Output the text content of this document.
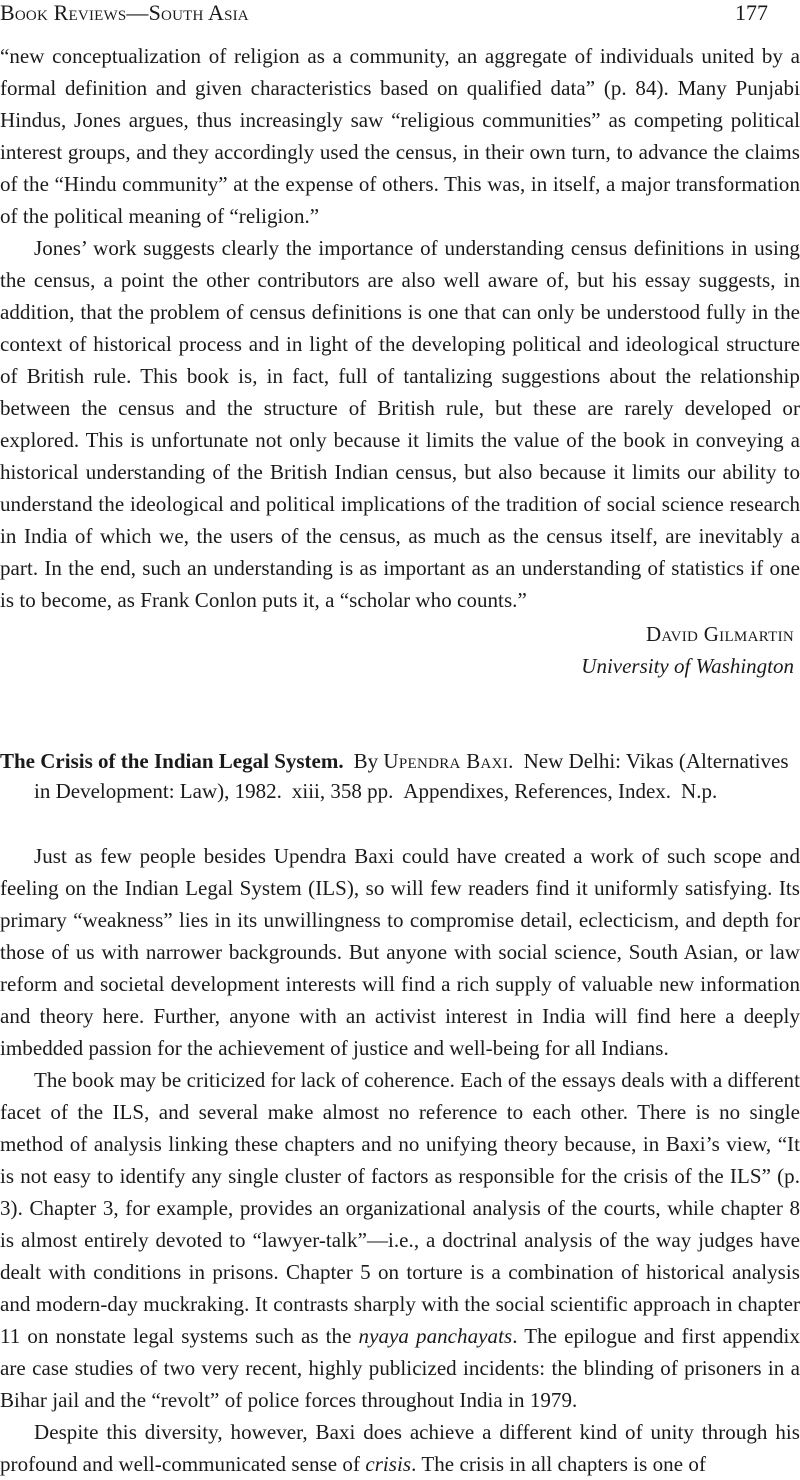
Book Reviews—South Asia	177

“new conceptualization of religion as a community, an aggregate of individuals united by a formal definition and given characteristics based on qualified data” (p. 84). Many Punjabi Hindus, Jones argues, thus increasingly saw “religious communities” as competing political interest groups, and they accordingly used the census, in their own turn, to advance the claims of the “Hindu community” at the expense of others. This was, in itself, a major transformation of the political meaning of “religion.”

Jones’ work suggests clearly the importance of understanding census definitions in using the census, a point the other contributors are also well aware of, but his essay suggests, in addition, that the problem of census definitions is one that can only be understood fully in the context of historical process and in light of the developing political and ideological structure of British rule. This book is, in fact, full of tantalizing suggestions about the relationship between the census and the structure of British rule, but these are rarely developed or explored. This is unfortunate not only because it limits the value of the book in conveying a historical understanding of the British Indian census, but also because it limits our ability to understand the ideological and political implications of the tradition of social science research in India of which we, the users of the census, as much as the census itself, are inevitably a part. In the end, such an understanding is as important as an understanding of statistics if one is to become, as Frank Conlon puts it, a “scholar who counts.”

David Gilmartin
University of Washington
The Crisis of the Indian Legal System. By Upendra Baxi. New Delhi: Vikas (Alternatives in Development: Law), 1982. xiii, 358 pp. Appendixes, References, Index. N.p.

Just as few people besides Upendra Baxi could have created a work of such scope and feeling on the Indian Legal System (ILS), so will few readers find it uniformly satisfying. Its primary “weakness” lies in its unwillingness to compromise detail, eclecticism, and depth for those of us with narrower backgrounds. But anyone with social science, South Asian, or law reform and societal development interests will find a rich supply of valuable new information and theory here. Further, anyone with an activist interest in India will find here a deeply imbedded passion for the achievement of justice and well-being for all Indians.

The book may be criticized for lack of coherence. Each of the essays deals with a different facet of the ILS, and several make almost no reference to each other. There is no single method of analysis linking these chapters and no unifying theory because, in Baxi’s view, “It is not easy to identify any single cluster of factors as responsible for the crisis of the ILS” (p. 3). Chapter 3, for example, provides an organizational analysis of the courts, while chapter 8 is almost entirely devoted to “lawyer-talk”—i.e., a doctrinal analysis of the way judges have dealt with conditions in prisons. Chapter 5 on torture is a combination of historical analysis and modern-day muckraking. It contrasts sharply with the social scientific approach in chapter 11 on nonstate legal systems such as the nyaya panchayats. The epilogue and first appendix are case studies of two very recent, highly publicized incidents: the blinding of prisoners in a Bihar jail and the “revolt” of police forces throughout India in 1979.

Despite this diversity, however, Baxi does achieve a different kind of unity through his profound and well-communicated sense of crisis. The crisis in all chapters is one of
